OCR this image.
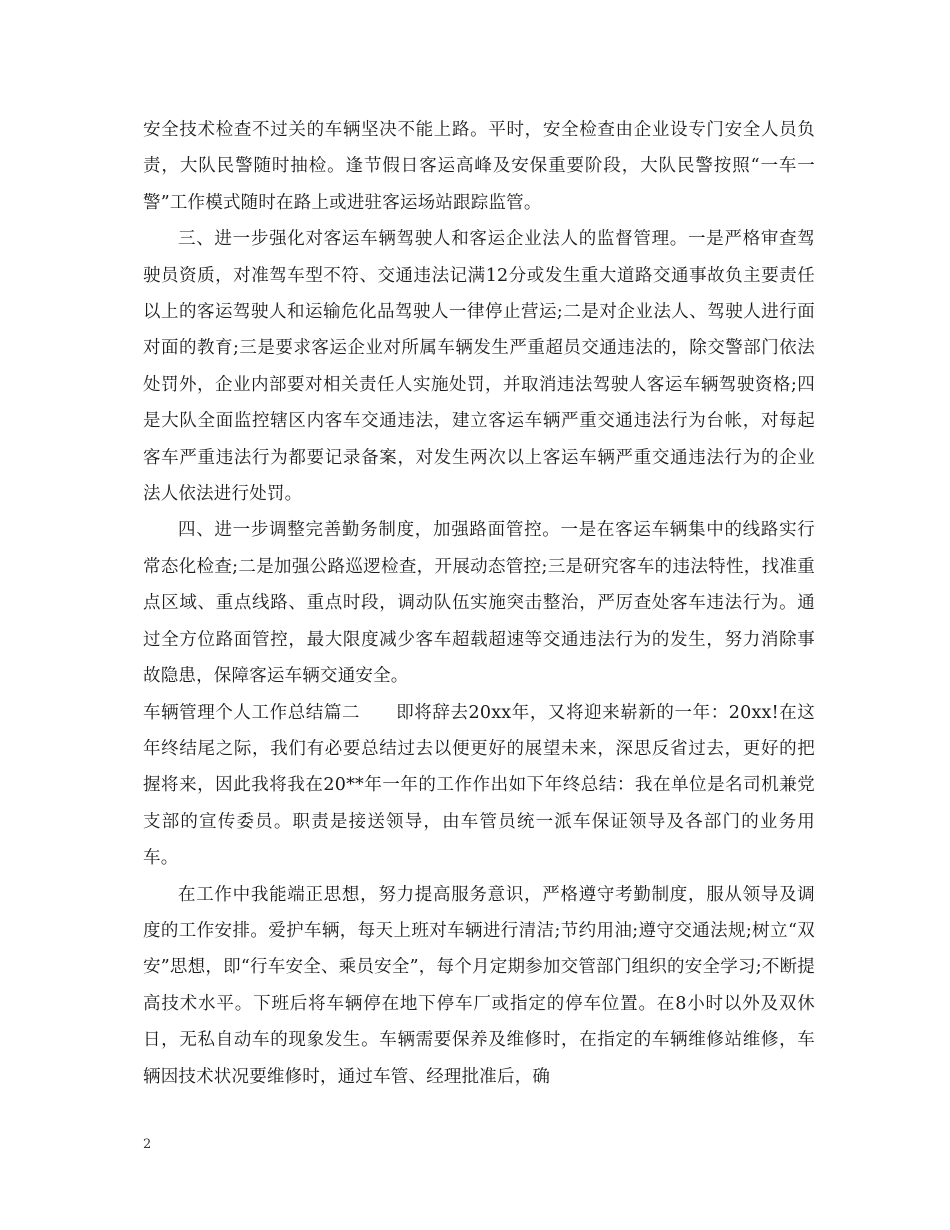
安全技术检查不过关的车辆坚决不能上路。平时，安全检查由企业设专门安全人员负责，大队民警随时抽检。逢节假日客运高峰及安保重要阶段，大队民警按照“一车一警”工作模式随时在路上或进驻客运场站跟踪监管。

三、进一步强化对客运车辆驾驶人和客运企业法人的监督管理。一是严格审查驾驶员资质，对准驾车型不符、交通违法记满12分或发生重大道路交通事故负主要责任以上的客运驾驶人和运输危化品驾驶人一律停止营运;二是对企业法人、驾驶人进行面对面的教育;三是要求客运企业对所属车辆发生严重超员交通违法的，除交警部门依法处罚外，企业内部要对相关责任人实施处罚，并取消违法驾驶人客运车辆驾驶资格;四是大队全面监控辖区内客车交通违法，建立客运车辆严重交通违法行为台帐，对每起客车严重违法行为都要记录备案，对发生两次以上客运车辆严重交通违法行为的企业法人依法进行处罚。

四、进一步调整完善勤务制度，加强路面管控。一是在客运车辆集中的线路实行常态化检查;二是加强公路巡逻检查，开展动态管控;三是研究客车的违法特性，找准重点区域、重点线路、重点时段，调动队伍实施突击整治，严厉查处客车违法行为。通过全方位路面管控，最大限度减少客车超载超速等交通违法行为的发生，努力消除事故隐患，保障客运车辆交通安全。

车辆管理个人工作总结篇二　　即将辞去20xx年，又将迎来崭新的一年：20xx!在这年终结尾之际，我们有必要总结过去以便更好的展望未来，深思反省过去，更好的把握将来，因此我将我在20**年一年的工作作出如下年终总结：我在单位是名司机兼党支部的宣传委员。职责是接送领导，由车管员统一派车保证领导及各部门的业务用车。

在工作中我能端正思想，努力提高服务意识，严格遵守考勤制度，服从领导及调度的工作安排。爱护车辆，每天上班对车辆进行清洁;节约用油;遵守交通法规;树立“双安”思想，即“行车安全、乘员安全”，每个月定期参加交管部门组织的安全学习;不断提高技术水平。下班后将车辆停在地下停车厂或指定的停车位置。在8小时以外及双休日，无私自动车的现象发生。车辆需要保养及维修时，在指定的车辆维修站维修，车辆因技术状况要维修时，通过车管、经理批准后，确

2
